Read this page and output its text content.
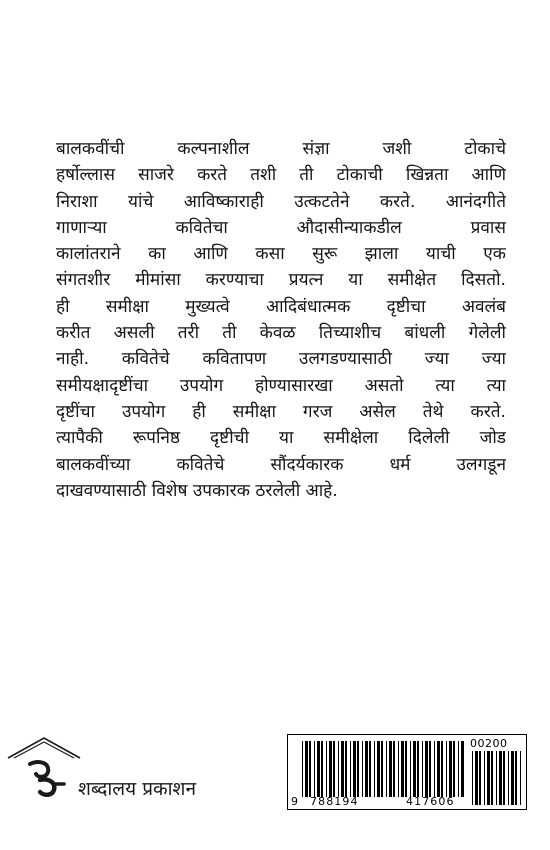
बालकवींची कल्पनाशील संज्ञा जशी टोकाचे
हर्षोल्लास साजरे करते तशी ती टोकाची खिन्नता आणि
निराशा यांचे आविष्काराही उत्कटतेने करते. आनंदगीते
गाणाऱ्या कवितेचा औदासीन्याकडील प्रवास
कालांतराने का आणि कसा सुरू झाला याची एक
संगतशीर मीमांसा करण्याचा प्रयत्न या समीक्षेत दिसतो.
ही समीक्षा मुख्यत्वे आदिबंधात्मक दृष्टीचा अवलंब
करीत असली तरी ती केवळ तिच्याशीच बांधली गेलेली
नाही. कवितेचे कवितापण उलगडण्यासाठी ज्या ज्या
समीयक्षादृष्टींचा उपयोग होण्यासारखा असतो त्या त्या
दृष्टींचा उपयोग ही समीक्षा गरज असेल तेथे करते.
त्यापैकी रूपनिष्ठ दृष्टीची या समीक्षेला दिलेली जोड
बालकवींच्या कवितेचे सौंदर्यकारक धर्म उलगडून
दाखवण्यासाठी विशेष उपकारक ठरलेली आहे.
शब्दालय प्रकाशन
00200
9 788194	417606
